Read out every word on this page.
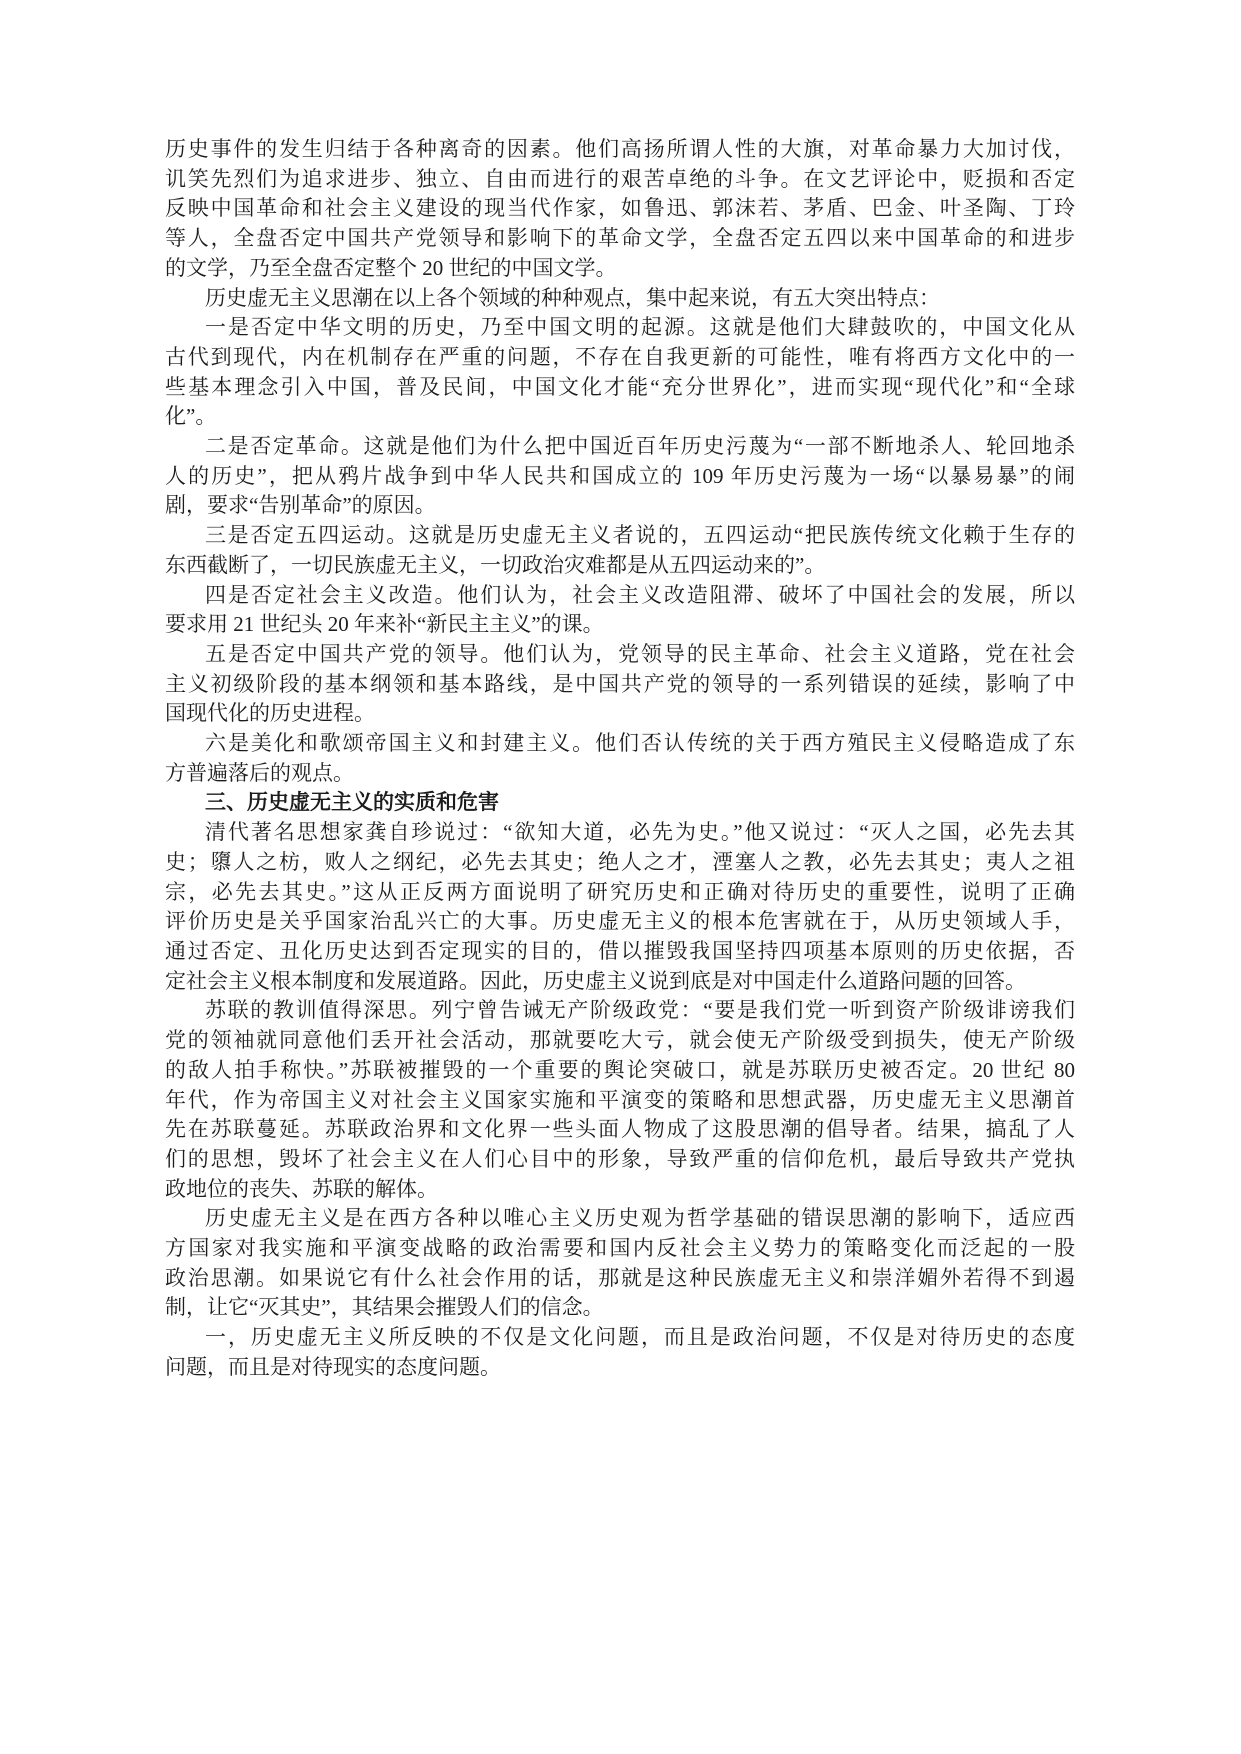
历史事件的发生归结于各种离奇的因素。他们高扬所谓人性的大旗，对革命暴力大加讨伐，
讥笑先烈们为追求进步、独立、自由而进行的艰苦卓绝的斗争。在文艺评论中，贬损和否定
反映中国革命和社会主义建设的现当代作家，如鲁迅、郭沫若、茅盾、巴金、叶圣陶、丁玲
等人，全盘否定中国共产党领导和影响下的革命文学，全盘否定五四以来中国革命的和进步
的文学，乃至全盘否定整个 20 世纪的中国文学。
历史虚无主义思潮在以上各个领域的种种观点，集中起来说，有五大突出特点：
一是否定中华文明的历史，乃至中国文明的起源。这就是他们大肆鼓吹的，中国文化从
古代到现代，内在机制存在严重的问题，不存在自我更新的可能性，唯有将西方文化中的一
些基本理念引入中国，普及民间，中国文化才能“充分世界化”，进而实现“现代化”和“全球
化”。
二是否定革命。这就是他们为什么把中国近百年历史污蔑为“一部不断地杀人、轮回地杀
人的历史”，把从鸦片战争到中华人民共和国成立的 109 年历史污蔑为一场“以暴易暴”的闹
剧，要求“告别革命”的原因。
三是否定五四运动。这就是历史虚无主义者说的，五四运动“把民族传统文化赖于生存的
东西截断了，一切民族虚无主义，一切政治灾难都是从五四运动来的”。
四是否定社会主义改造。他们认为，社会主义改造阻滞、破坏了中国社会的发展，所以
要求用 21 世纪头 20 年来补“新民主主义”的课。
五是否定中国共产党的领导。他们认为，党领导的民主革命、社会主义道路，党在社会
主义初级阶段的基本纲领和基本路线，是中国共产党的领导的一系列错误的延续，影响了中
国现代化的历史进程。
六是美化和歌颂帝国主义和封建主义。他们否认传统的关于西方殖民主义侵略造成了东
方普遍落后的观点。
三、历史虚无主义的实质和危害
清代著名思想家龚自珍说过：“欲知大道，必先为史。”他又说过：“灭人之国，必先去其
史；隳人之枋，败人之纲纪，必先去其史；绝人之才，湮塞人之教，必先去其史；夷人之祖
宗，必先去其史。”这从正反两方面说明了研究历史和正确对待历史的重要性，说明了正确
评价历史是关乎国家治乱兴亡的大事。历史虚无主义的根本危害就在于，从历史领域人手，
通过否定、丑化历史达到否定现实的目的，借以摧毁我国坚持四项基本原则的历史依据，否
定社会主义根本制度和发展道路。因此，历史虚主义说到底是对中国走什么道路问题的回答。
苏联的教训值得深思。列宁曾告诫无产阶级政党：“要是我们党一听到资产阶级诽谤我们
党的领袖就同意他们丢开社会活动，那就要吃大亏，就会使无产阶级受到损失，使无产阶级
的敌人拍手称快。”苏联被摧毁的一个重要的舆论突破口，就是苏联历史被否定。20 世纪 80
年代，作为帝国主义对社会主义国家实施和平演变的策略和思想武器，历史虚无主义思潮首
先在苏联蔓延。苏联政治界和文化界一些头面人物成了这股思潮的倡导者。结果，搞乱了人
们的思想，毁坏了社会主义在人们心目中的形象，导致严重的信仰危机，最后导致共产党执
政地位的丧失、苏联的解体。
历史虚无主义是在西方各种以唯心主义历史观为哲学基础的错误思潮的影响下，适应西
方国家对我实施和平演变战略的政治需要和国内反社会主义势力的策略变化而泛起的一股
政治思潮。如果说它有什么社会作用的话，那就是这种民族虚无主义和崇洋媚外若得不到遏
制，让它“灭其史”，其结果会摧毁人们的信念。
一，历史虚无主义所反映的不仅是文化问题，而且是政治问题，不仅是对待历史的态度
问题，而且是对待现实的态度问题。
